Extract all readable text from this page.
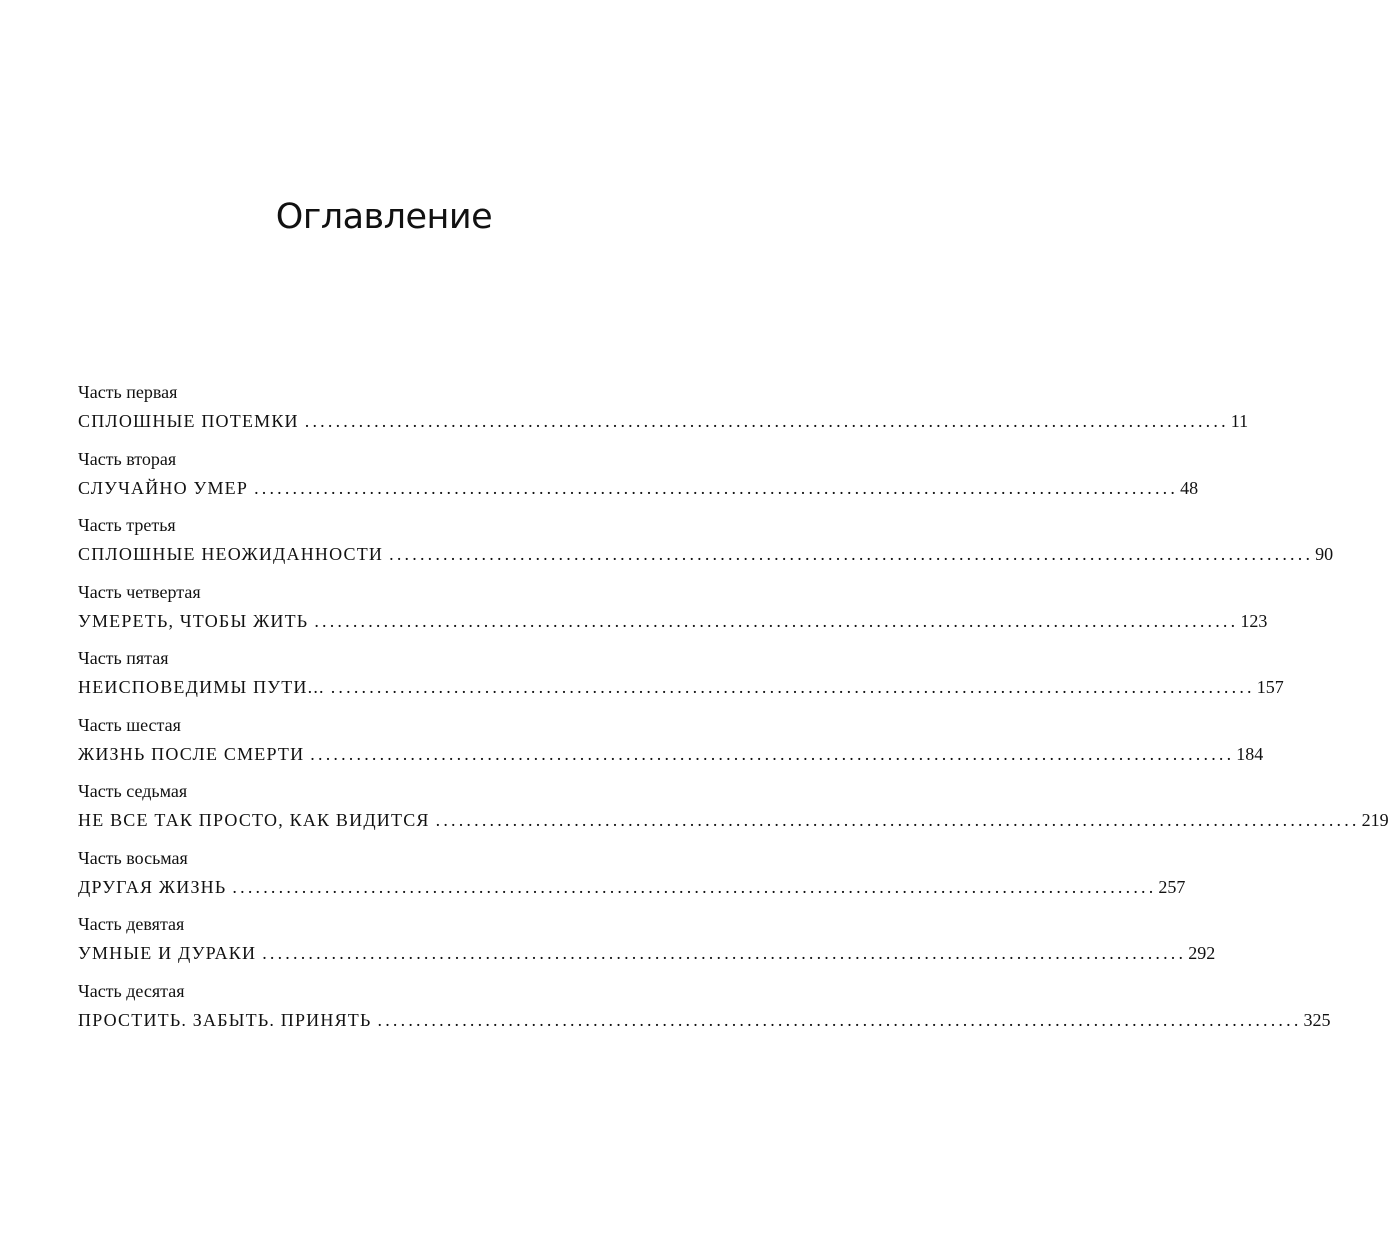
Оглавление
Часть первая
СПЛОШНЫЕ ПОТЕМКИ ........................................................................................................................ 11
Часть вторая
СЛУЧАЙНО УМЕР ........................................................................................................................ 48
Часть третья
СПЛОШНЫЕ НЕОЖИДАННОСТИ ........................................................................................................................ 90
Часть четвертая
УМЕРЕТЬ, ЧТОБЫ ЖИТЬ ........................................................................................................................ 123
Часть пятая
НЕИСПОВЕДИМЫ ПУТИ... ........................................................................................................................ 157
Часть шестая
ЖИЗНЬ ПОСЛЕ СМЕРТИ ........................................................................................................................ 184
Часть седьмая
НЕ ВСЕ ТАК ПРОСТО, КАК ВИДИТСЯ ........................................................................................................................ 219
Часть восьмая
ДРУГАЯ ЖИЗНЬ ........................................................................................................................ 257
Часть девятая
УМНЫЕ И ДУРАКИ ........................................................................................................................ 292
Часть десятая
ПРОСТИТЬ. ЗАБЫТЬ. ПРИНЯТЬ ........................................................................................................................ 325
